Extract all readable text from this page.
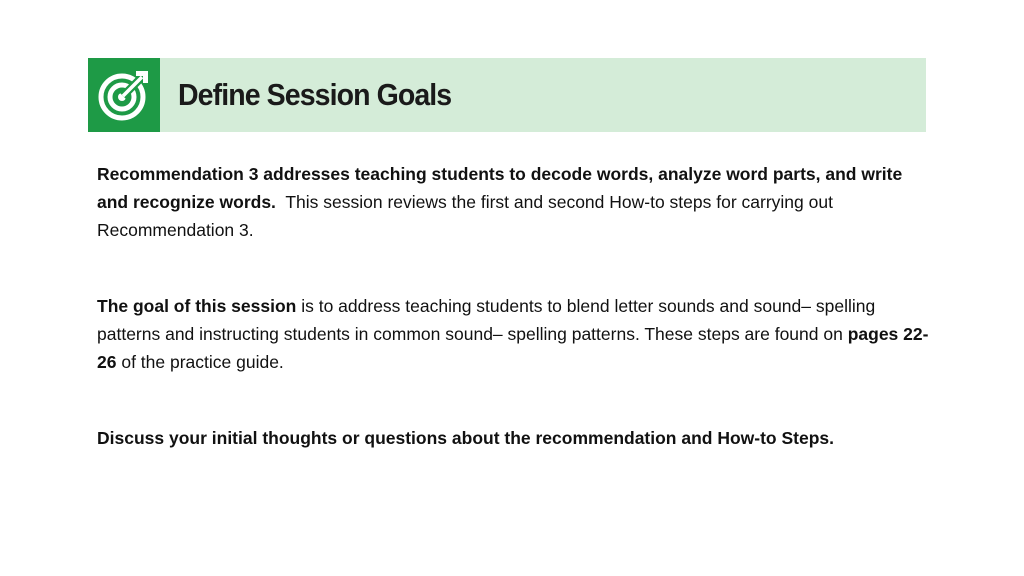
Define Session Goals

Recommendation 3 addresses teaching students to decode words, analyze word parts, and write and recognize words. This session reviews the first and second How-to steps for carrying out Recommendation 3.

The goal of this session is to address teaching students to blend letter sounds and sound– spelling patterns and instructing students in common sound– spelling patterns. These steps are found on pages 22-26 of the practice guide.

Discuss your initial thoughts or questions about the recommendation and How-to Steps.
